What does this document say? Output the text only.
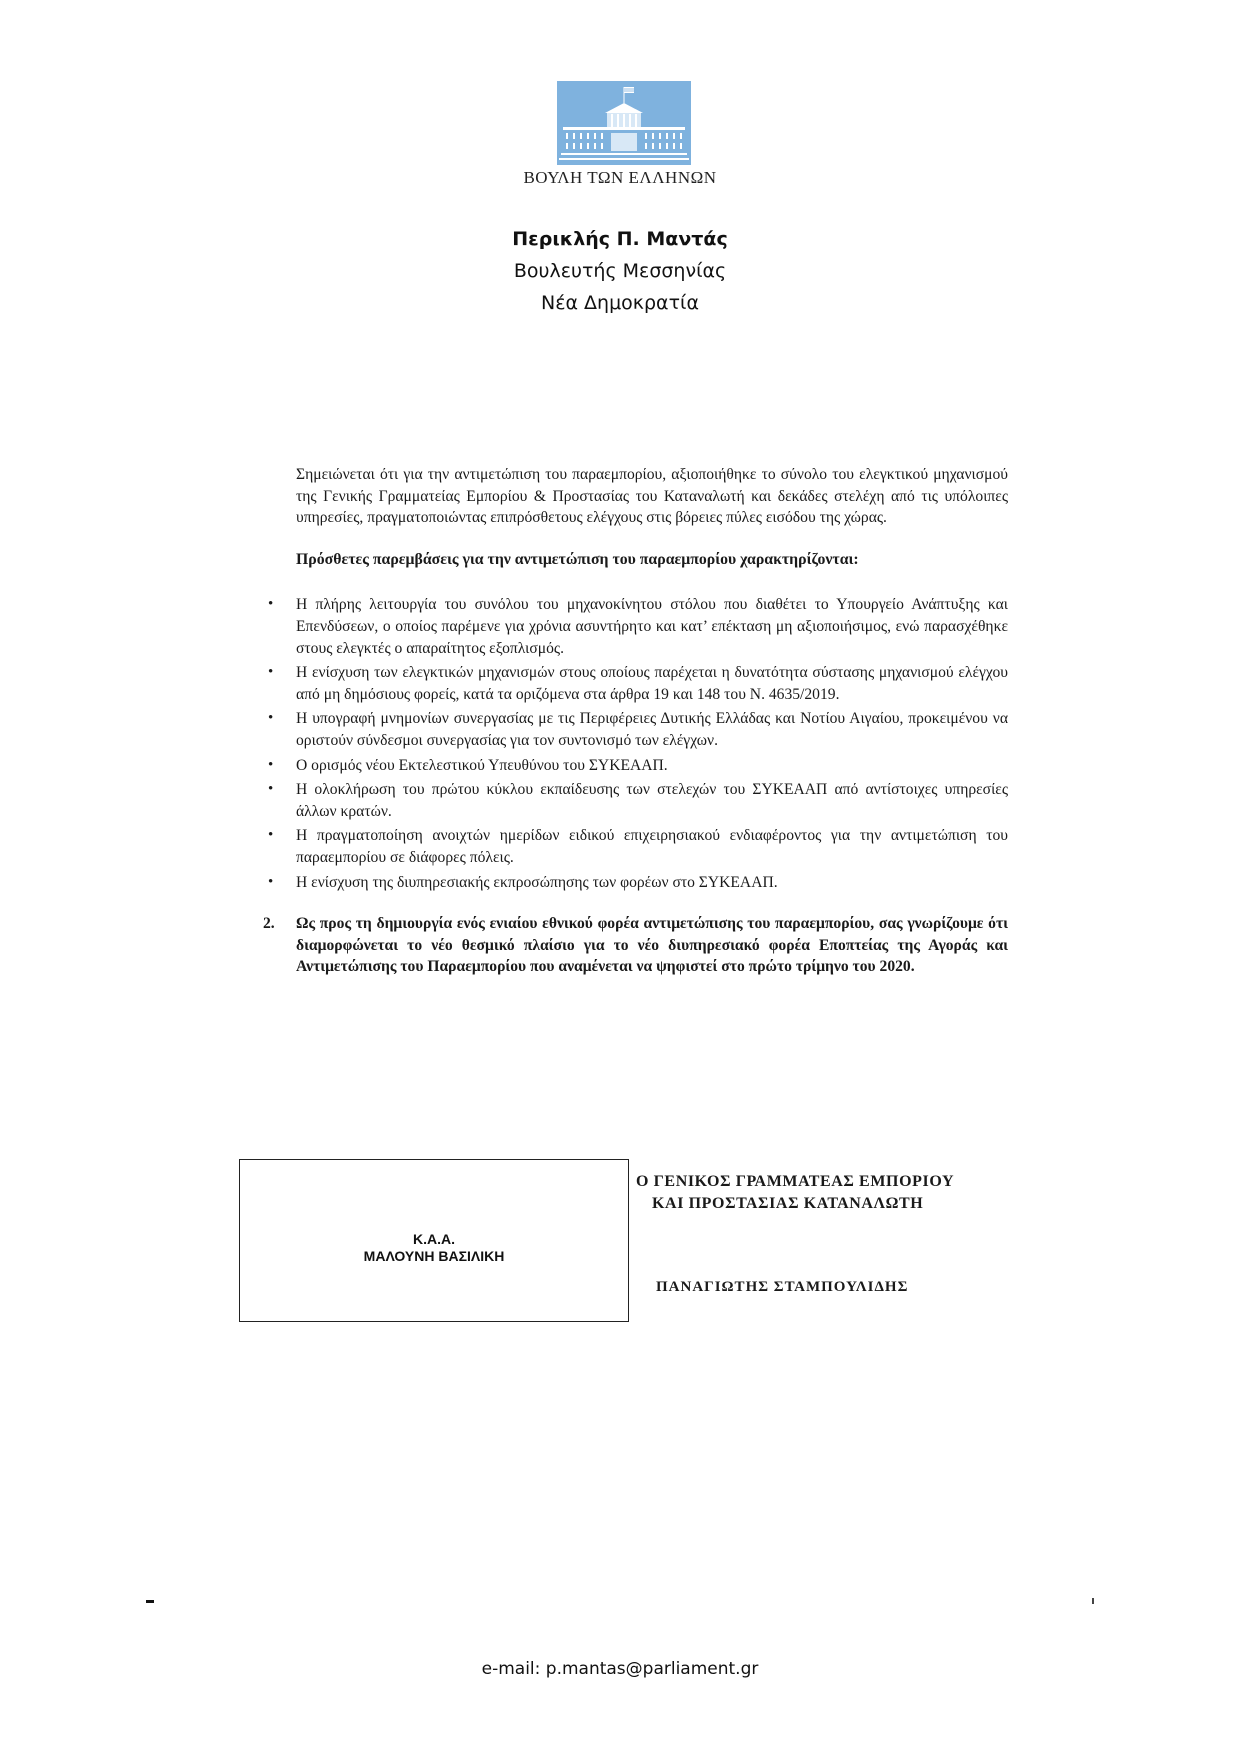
ΒΟΥΛΗ ΤΩΝ ΕΛΛΗΝΩΝ
Περικλής Π. Μαντάς
Βουλευτής Μεσσηνίας
Νέα Δημοκρατία

Σημειώνεται ότι για την αντιμετώπιση του παραεμπορίου, αξιοποιήθηκε το σύνολο του ελεγκτικού μηχανισμού της Γενικής Γραμματείας Εμπορίου & Προστασίας του Καταναλωτή και δεκάδες στελέχη από τις υπόλοιπες υπηρεσίες, πραγματοποιώντας επιπρόσθετους ελέγχους στις βόρειες πύλες εισόδου της χώρας.

Πρόσθετες παρεμβάσεις για την αντιμετώπιση του παραεμπορίου χαρακτηρίζονται:

• Η πλήρης λειτουργία του συνόλου του μηχανοκίνητου στόλου που διαθέτει το Υπουργείο Ανάπτυξης και Επενδύσεων, ο οποίος παρέμενε για χρόνια ασυντήρητο και κατ’ επέκταση μη αξιοποιήσιμος, ενώ παρασχέθηκε στους ελεγκτές ο απαραίτητος εξοπλισμός.
• Η ενίσχυση των ελεγκτικών μηχανισμών στους οποίους παρέχεται η δυνατότητα σύστασης μηχανισμού ελέγχου από μη δημόσιους φορείς, κατά τα οριζόμενα στα άρθρα 19 και 148 του Ν. 4635/2019.
• Η υπογραφή μνημονίων συνεργασίας με τις Περιφέρειες Δυτικής Ελλάδας και Νοτίου Αιγαίου, προκειμένου να οριστούν σύνδεσμοι συνεργασίας για τον συντονισμό των ελέγχων.
• Ο ορισμός νέου Εκτελεστικού Υπευθύνου του ΣΥΚΕΑΑΠ.
• Η ολοκλήρωση του πρώτου κύκλου εκπαίδευσης των στελεχών του ΣΥΚΕΑΑΠ από αντίστοιχες υπηρεσίες άλλων κρατών.
• Η πραγματοποίηση ανοιχτών ημερίδων ειδικού επιχειρησιακού ενδιαφέροντος για την αντιμετώπιση του παραεμπορίου σε διάφορες πόλεις.
• Η ενίσχυση της διυπηρεσιακής εκπροσώπησης των φορέων στο ΣΥΚΕΑΑΠ.
2. Ως προς τη δημιουργία ενός ενιαίου εθνικού φορέα αντιμετώπισης του παραεμπορίου, σας γνωρίζουμε ότι διαμορφώνεται το νέο θεσμικό πλαίσιο για το νέο διυπηρεσιακό φορέα Εποπτείας της Αγοράς και Αντιμετώπισης του Παραεμπορίου που αναμένεται να ψηφιστεί στο πρώτο τρίμηνο του 2020.
Κ.Α.Α.
ΜΑΛΟΥΝΗ ΒΑΣΙΛΙΚΗ
Ο ΓΕΝΙΚΟΣ ΓΡΑΜΜΑΤΕΑΣ ΕΜΠΟΡΙΟΥ
ΚΑΙ ΠΡΟΣΤΑΣΙΑΣ ΚΑΤΑΝΑΛΩΤΗ
ΠΑΝΑΓΙΩΤΗΣ ΣΤΑΜΠΟΥΛΙΔΗΣ
e-mail: p.mantas@parliament.gr
